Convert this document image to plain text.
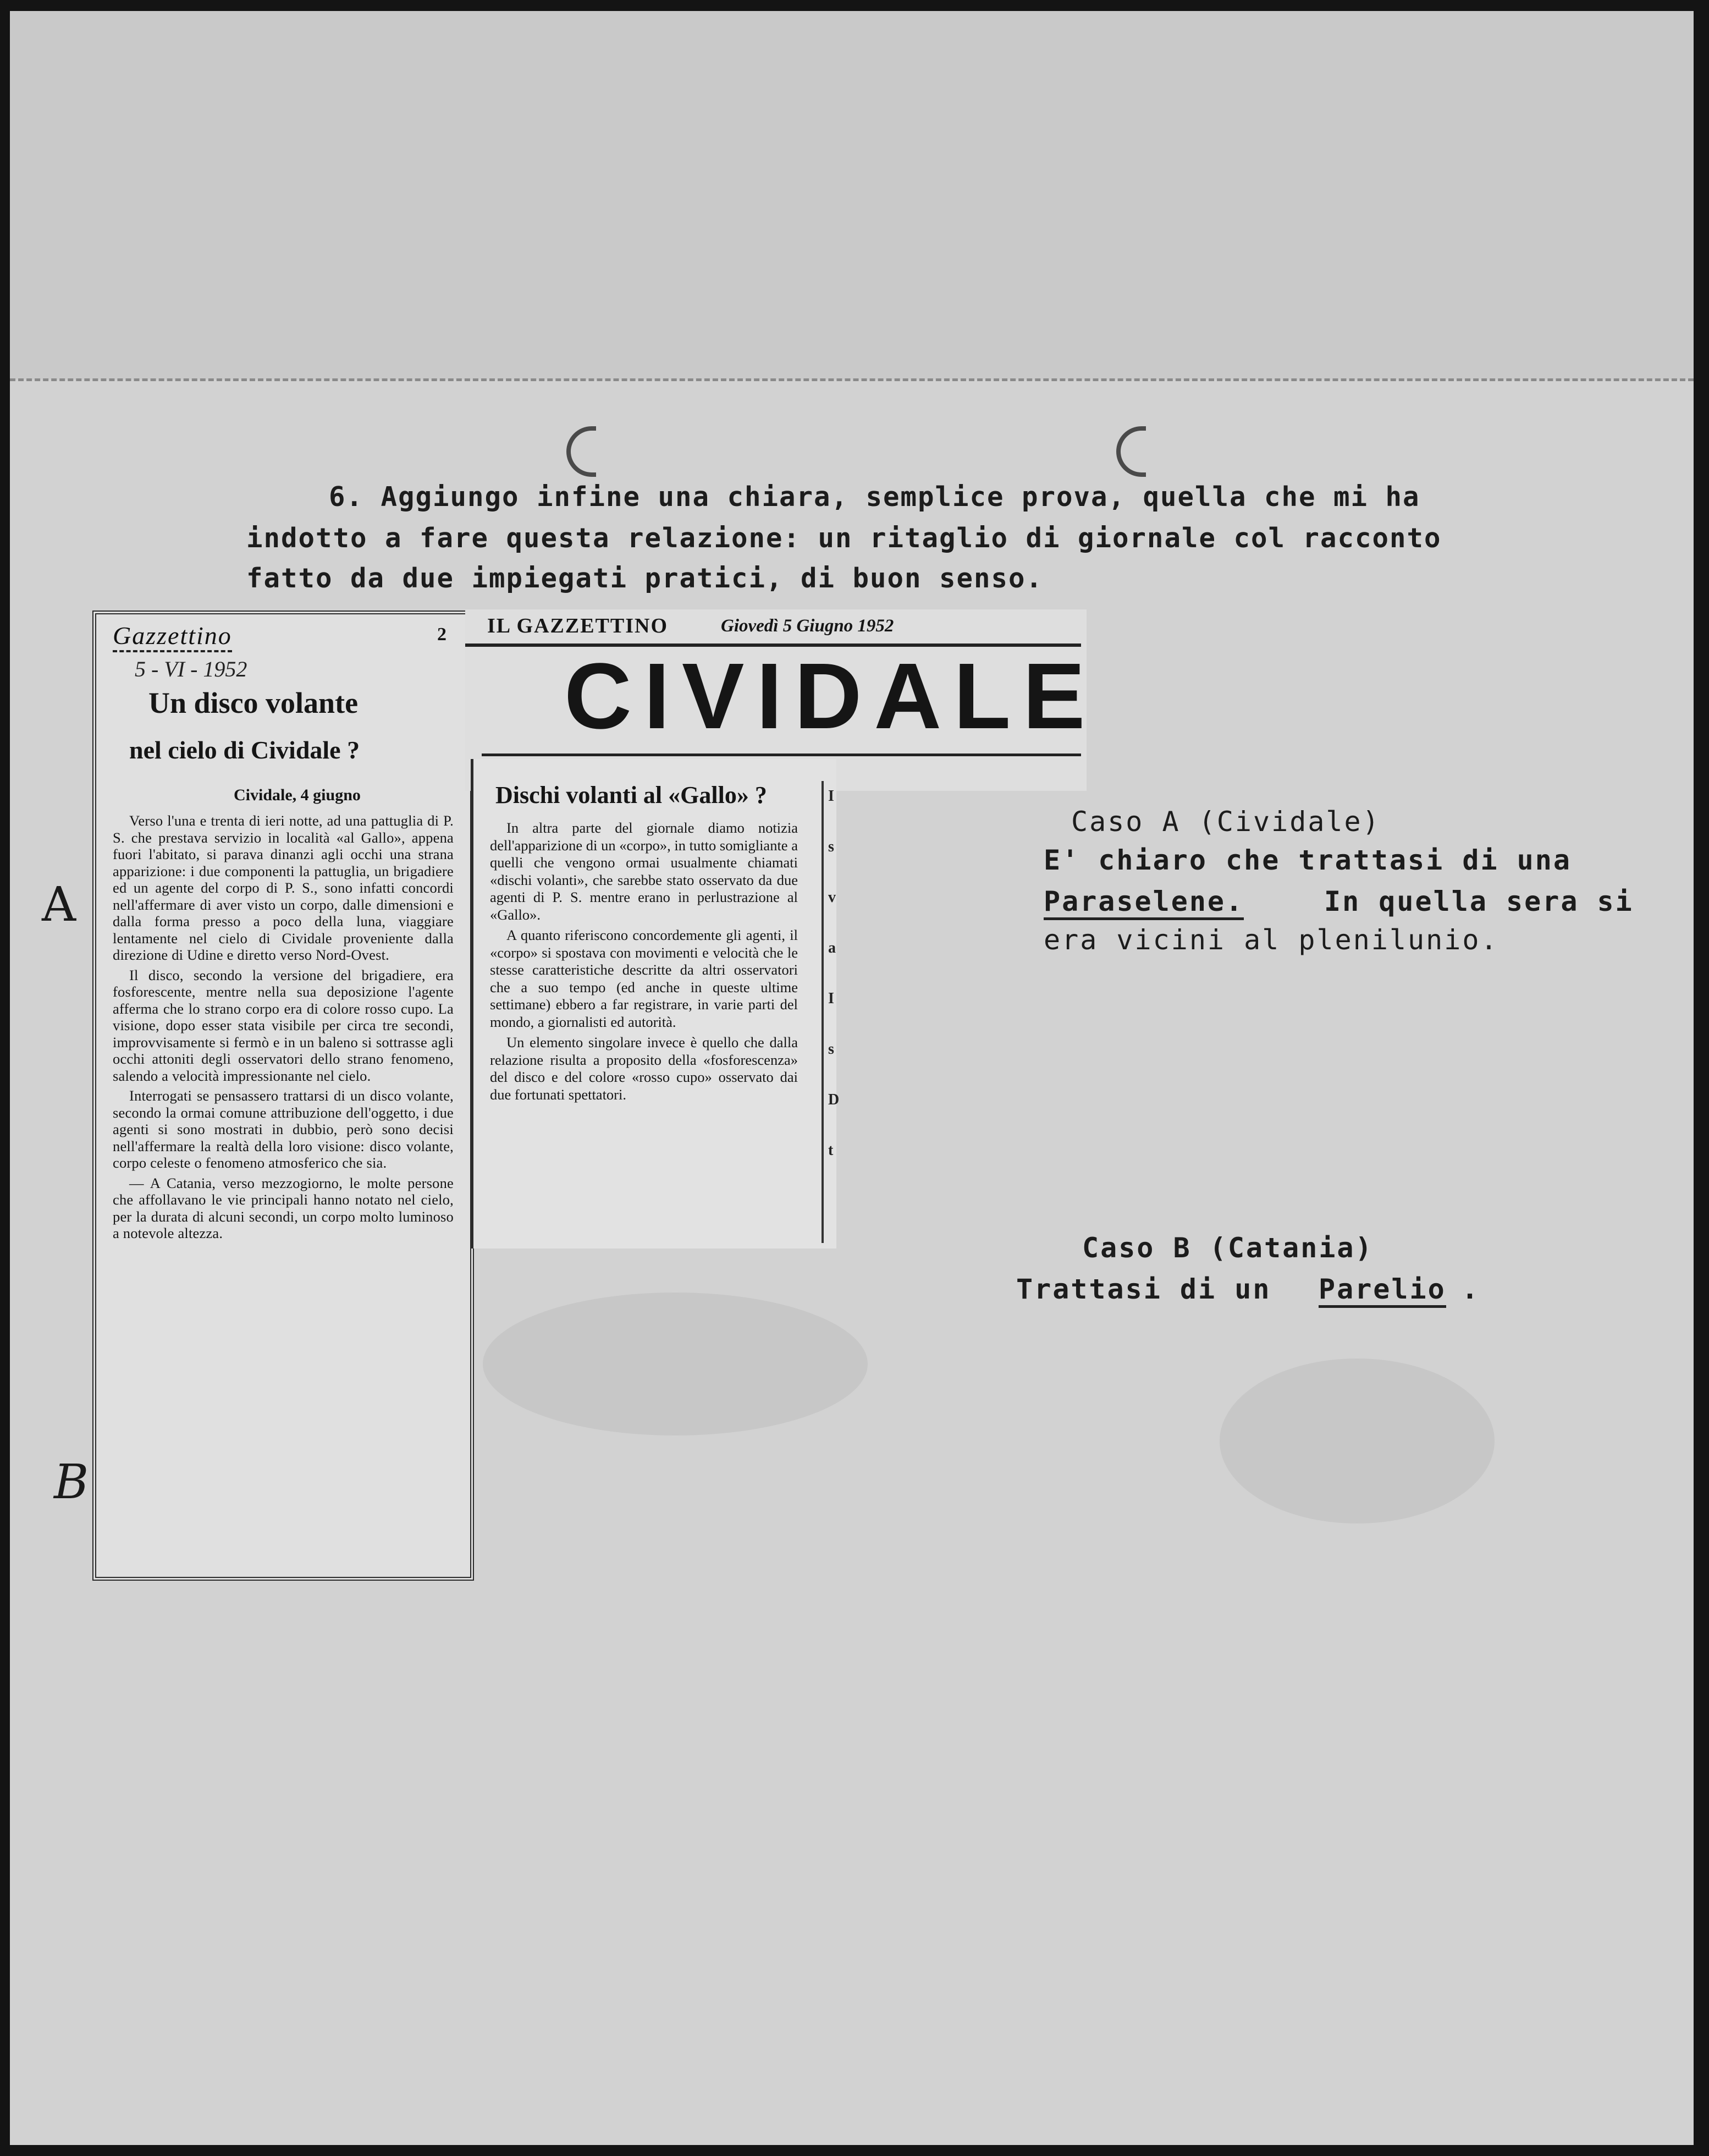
6. Aggiungo infine una chiara, semplice prova, quella che mi ha

indotto a fare questa relazione: un ritaglio di giornale col racconto

fatto da due impiegati pratici, di buon senso.

Gazzettino	2
5 - VI - 1952
Un disco volante
nel cielo di Cividale ?
Cividale, 4 giugno

Verso l'una e trenta di ieri notte, ad una pattuglia di P. S. che prestava servizio in località «al Gallo», appena fuori l'abitato, si parava dinanzi agli occhi una strana apparizione: i due componenti la pattuglia, un brigadiere ed un agente del corpo di P. S., sono infatti concordi nell'affermare di aver visto un corpo, dalle dimensioni e dalla forma presso a poco della luna, viaggiare lentamente nel cielo di Cividale proveniente dalla direzione di Udine e diretto verso Nord-Ovest.

Il disco, secondo la versione del brigadiere, era fosforescente, mentre nella sua deposizione l'agente afferma che lo strano corpo era di colore rosso cupo. La visione, dopo esser stata visibile per circa tre secondi, improvvisamente si fermò e in un baleno si sottrasse agli occhi attoniti degli osservatori dello strano fenomeno, salendo a velocità impressionante nel cielo.

Interrogati se pensassero trattarsi di un disco volante, secondo la ormai comune attribuzione dell'oggetto, i due agenti si sono mostrati in dubbio, però sono decisi nell'affermare la realtà della loro visione: disco volante, corpo celeste o fenomeno atmosferico che sia.

— A Catania, verso mezzogiorno, le molte persone che affollavano le vie principali hanno notato nel cielo, per la durata di alcuni secondi, un corpo molto luminoso a notevole altezza.

IL GAZZETTINO	Giovedì 5 Giugno 1952
CIVIDALE
Dischi volanti al «Gallo» ?

In altra parte del giornale diamo notizia dell'apparizione di un «corpo», in tutto somigliante a quelli che vengono ormai usualmente chiamati «dischi volanti», che sarebbe stato osservato da due agenti di P. S. mentre erano in perlustrazione al «Gallo».

A quanto riferiscono concordemente gli agenti, il «corpo» si spostava con movimenti e velocità che le stesse caratteristiche descritte da altri osservatori che a suo tempo (ed anche in queste ultime settimane) ebbero a far registrare, in varie parti del mondo, a giornalisti ed autorità.

Un elemento singolare invece è quello che dalla relazione risulta a proposito della «fosforescenza» del disco e del colore «rosso cupo» osservato dai due fortunati spettatori.

I
s
v
a
I
s
D
t
A
B

Caso A (Cividale)

E' chiaro che trattasi di una

Paraselene.	In quella sera si

era vicini al plenilunio.

Caso B (Catania)

Trattasi di un Parelio .
